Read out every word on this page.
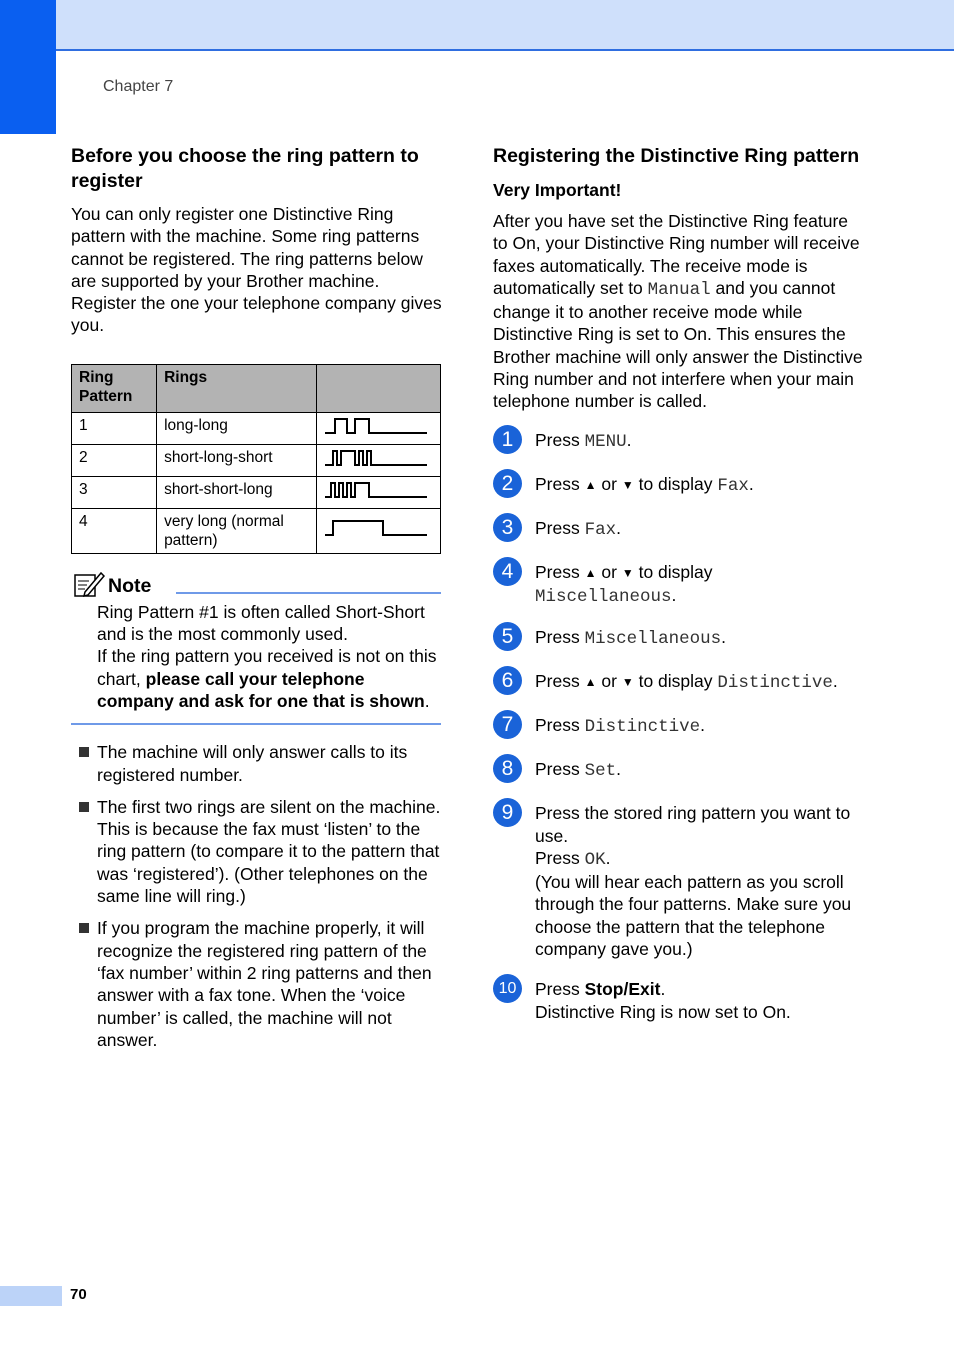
Chapter 7
Before you choose the ring pattern to register

You can only register one Distinctive Ring pattern with the machine. Some ring patterns cannot be registered. The ring patterns below are supported by your Brother machine. Register the one your telephone company gives you.

Ring Pattern	Rings	
1	long-long	
2	short-long-short	
3	short-short-long	
4	very long (normal pattern)	
Note

Ring Pattern #1 is often called Short-Short and is the most commonly used.

If the ring pattern you received is not on this chart, please call your telephone company and ask for one that is shown.

The machine will only answer calls to its registered number.
The first two rings are silent on the machine. This is because the fax must ‘listen’ to the ring pattern (to compare it to the pattern that was ‘registered’). (Other telephones on the same line will ring.)
If you program the machine properly, it will recognize the registered ring pattern of the ‘fax number’ within 2 ring patterns and then answer with a fax tone. When the ‘voice number’ is called, the machine will not answer.
Registering the Distinctive Ring pattern
Very Important!

After you have set the Distinctive Ring feature to On, your Distinctive Ring number will receive faxes automatically. The receive mode is automatically set to Manual and you cannot change it to another receive mode while Distinctive Ring is set to On. This ensures the Brother machine will only answer the Distinctive Ring number and not interfere when your main telephone number is called.

1	Press MENU.
2	Press ▲ or ▼ to display Fax.
3	Press Fax.
4	Press ▲ or ▼ to display
Miscellaneous.
5	Press Miscellaneous.
6	Press ▲ or ▼ to display Distinctive.
7	Press Distinctive.
8	Press Set.
9	Press the stored ring pattern you want to use.
Press OK.
(You will hear each pattern as you scroll through the four patterns. Make sure you choose the pattern that the telephone company gave you.)
10	Press Stop/Exit.
Distinctive Ring is now set to On.
70
